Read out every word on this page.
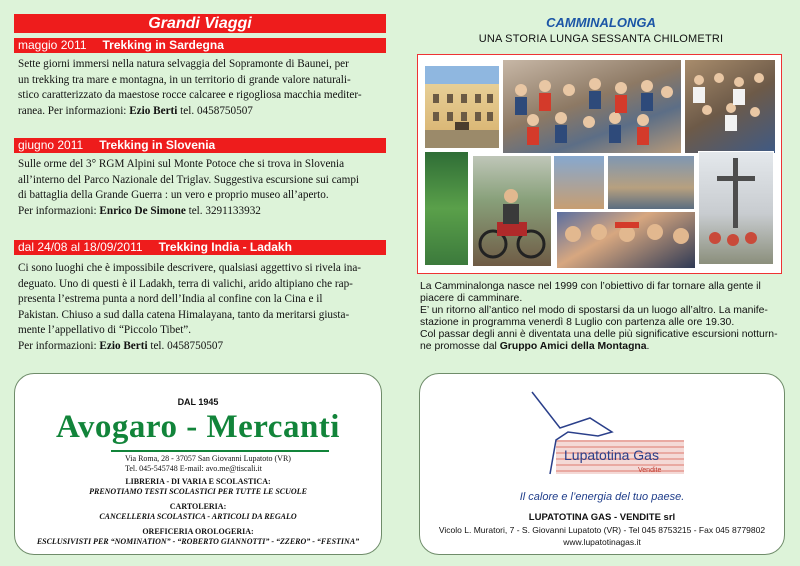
Grandi Viaggi
maggio 2011 Trekking in Sardegna

Sette giorni immersi nella natura selvaggia del Sopramonte di Baunei, per

un trekking tra mare e montagna, in un territorio di grande valore naturali-

stico caratterizzato da maestose rocce calcaree e rigogliosa macchia mediter-

ranea. Per informazioni: Ezio Berti tel. 0458750507

giugno 2011 Trekking in Slovenia

Sulle orme del 3° RGM Alpini sul Monte Potoce che si trova in Slovenia

all’interno del Parco Nazionale del Triglav. Suggestiva escursione sui campi

di battaglia della Grande Guerra : un vero e proprio museo all’aperto.

Per informazioni: Enrico De Simone tel. 3291133932

dal 24/08 al 18/09/2011 Trekking India - Ladakh

Ci sono luoghi che è impossibile descrivere, qualsiasi aggettivo si rivela ina-

deguato. Uno di questi è il Ladakh, terra di valichi, arido altipiano che rap-

presenta l’estrema punta a nord dell’India al confine con la Cina e il

Pakistan. Chiuso a sud dalla catena Himalayana, tanto da meritarsi giusta-

mente l’appellativo di “Piccolo Tibet”.

Per informazioni: Ezio Berti tel. 0458750507

CAMMINALONGA
UNA STORIA LUNGA SESSANTA CHILOMETRI

La Camminalonga nasce nel 1999 con l’obiettivo di far tornare alla gente il

piacere di camminare.

E’ un ritorno all’antico nel modo di spostarsi da un luogo all’altro. La manife-

stazione in programma venerdì 8 Luglio con partenza alle ore 19.30.

Col passar degli anni è diventata una delle più significative escursioni notturn-

ne promosse dal Gruppo Amici della Montagna.

DAL 1945
Avogaro - Mercanti
Via Roma, 28 - 37057 San Giovanni Lupatoto (VR)
Tel. 045-545748 E-mail: avo.me@tiscali.it
LIBRERIA - DI VARIA E SCOLASTICA:
PRENOTIAMO TESTI SCOLASTICI PER TUTTE LE SCUOLE
CARTOLERIA:
CANCELLERIA SCOLASTICA - ARTICOLI DA REGALO
OREFICERIA OROLOGERIA:
ESCLUSIVISTI PER “NOMINATION” - “ROBERTO GIANNOTTI” - “ZZERO” - “FESTINA”
Lupatotina Gas
Vendite
Il calore e l’energia del tuo paese.
LUPATOTINA GAS - VENDITE srl
Vicolo L. Muratori, 7 - S. Giovanni Lupatoto (VR) - Tel 045 8753215 - Fax 045 8779802
www.lupatotinagas.it
